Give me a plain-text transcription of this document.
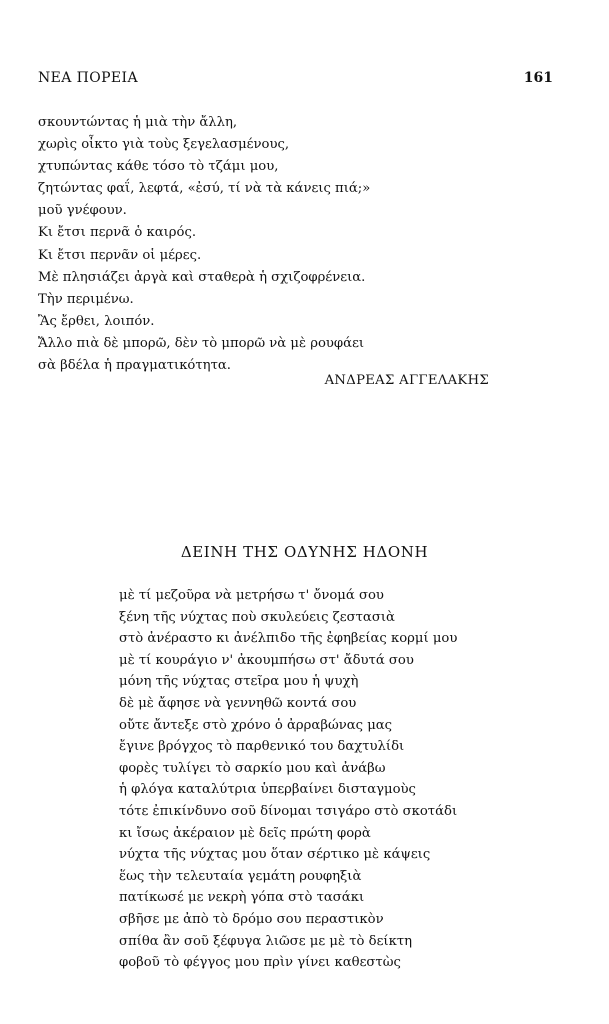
ΝΕΑ ΠΟΡΕΙΑ	161
σκουντώντας ἡ μιὰ τὴν ἄλλη,
χωρὶς οἶκτο γιὰ τοὺς ξεγελασμένους,
χτυπώντας κάθε τόσο τὸ τζάμι μου,
ζητώντας φαΐ, λεφτά, «ἐσύ, τί νὰ τὰ κάνεις πιά;»
μοῦ γνέφουν.
Κι ἔτσι περνᾶ ὁ καιρός.
Κι ἔτσι περνᾶν οἱ μέρες.
Μὲ πλησιάζει ἀργὰ καὶ σταθερὰ ἡ σχιζοφρένεια.
Τὴν περιμένω.
Ἂς ἔρθει, λοιπόν.
Ἄλλο πιὰ δὲ μπορῶ, δὲν τὸ μπορῶ νὰ μὲ ρουφάει
σὰ βδέλα ἡ πραγματικότητα.
ΑΝΔΡΕΑΣ ΑΓΓΕΛΑΚΗΣ
ΔΕΙΝΗ ΤΗΣ ΟΔΥΝΗΣ ΗΔΟΝΗ
μὲ τί μεζοῦρα νὰ μετρήσω τ' ὄνομά σου
ξένη τῆς νύχτας ποὺ σκυλεύεις ζεστασιὰ
στὸ ἀνέραστο κι ἀνέλπιδο τῆς ἐφηβείας κορμί μου
μὲ τί κουράγιο ν' ἀκουμπήσω στ' ἄδυτά σου
μόνη τῆς νύχτας στεῖρα μου ἡ ψυχὴ
δὲ μὲ ἄφησε νὰ γεννηθῶ κοντά σου
οὔτε ἄντεξε στὸ χρόνο ὁ ἀρραβώνας μας
ἔγινε βρόγχος τὸ παρθενικό του δαχτυλίδι
φορὲς τυλίγει τὸ σαρκίο μου καὶ ἀνάβω
ἡ φλόγα καταλύτρια ὑπερβαίνει δισταγμοὺς
τότε ἐπικίνδυνο σοῦ δίνομαι τσιγάρο στὸ σκοτάδι
κι ἴσως ἀκέραιον μὲ δεῖς πρώτη φορὰ
νύχτα τῆς νύχτας μου ὅταν σέρτικο μὲ κάψεις
ἕως τὴν τελευταία γεμάτη ρουφηξιὰ
πατίκωσέ με νεκρὴ γόπα στὸ τασάκι
σβῆσε με ἀπὸ τὸ δρόμο σου περαστικὸν
σπίθα ἂν σοῦ ξέφυγα λιῶσε με μὲ τὸ δείκτη
φοβοῦ τὸ φέγγος μου πρὶν γίνει καθεστὼς
